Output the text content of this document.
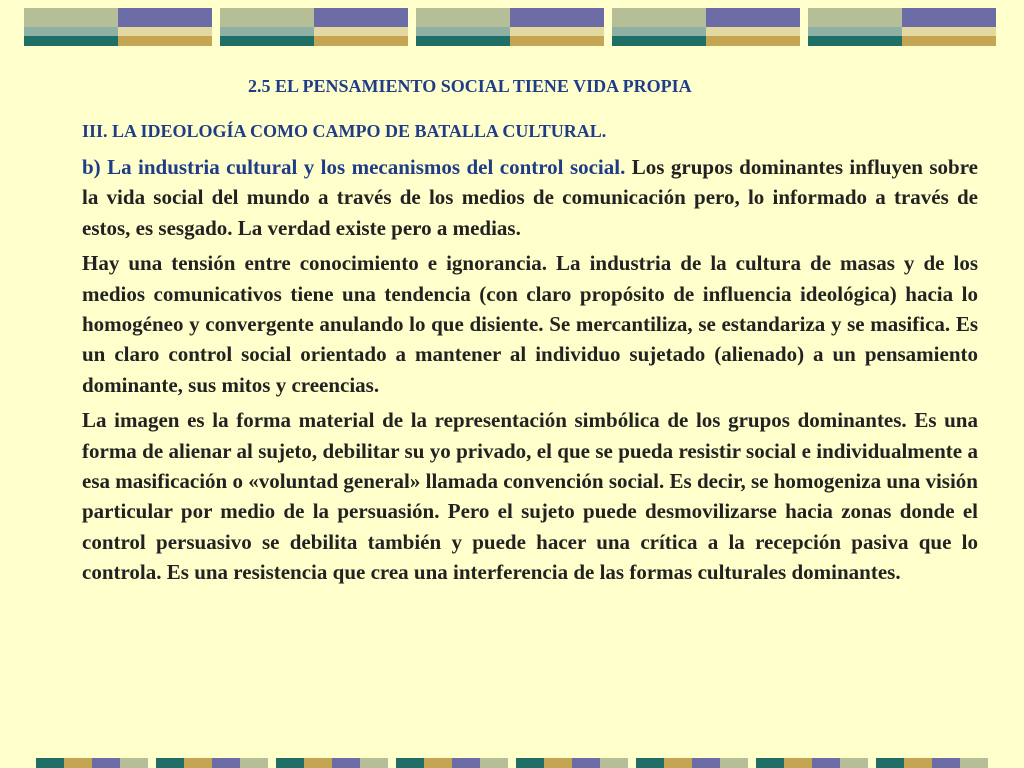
2.5 EL PENSAMIENTO SOCIAL TIENE VIDA PROPIA
III. LA IDEOLOGÍA COMO CAMPO DE BATALLA CULTURAL.

b) La industria cultural y los mecanismos del control social. Los grupos dominantes influyen sobre la vida social del mundo a través de los medios de comunicación pero, lo informado a través de estos, es sesgado. La verdad existe pero a medias.

Hay una tensión entre conocimiento e ignorancia. La industria de la cultura de masas y de los medios comunicativos tiene una tendencia (con claro propósito de influencia ideológica) hacia lo homogéneo y convergente anulando lo que disiente. Se mercantiliza, se estandariza y se masifica. Es un claro control social orientado a mantener al individuo sujetado (alienado) a un pensamiento dominante, sus mitos y creencias.

La imagen es la forma material de la representación simbólica de los grupos dominantes. Es una forma de alienar al sujeto, debilitar su yo privado, el que se pueda resistir social e individualmente a esa masificación o «voluntad general» llamada convención social. Es decir, se homogeniza una visión particular por medio de la persuasión. Pero el sujeto puede desmovilizarse hacia zonas donde el control persuasivo se debilita también y puede hacer una crítica a la recepción pasiva que lo controla. Es una resistencia que crea una interferencia de las formas culturales dominantes.
